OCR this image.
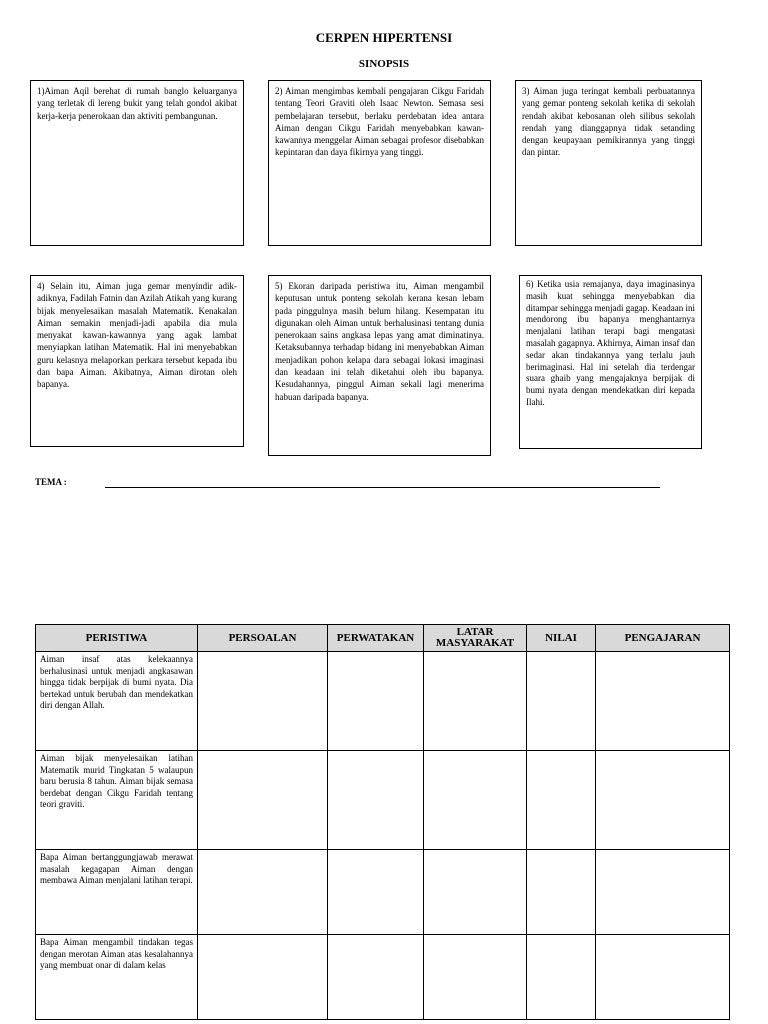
CERPEN HIPERTENSI
SINOPSIS
1)Aiman Aqil berehat di rumah banglo keluarganya yang terletak di lereng bukit yang telah gondol akibat kerja-kerja penerokaan dan aktiviti pembangunan.
2) Aiman mengimbas kembali pengajaran Cikgu Faridah tentang Teori Graviti oleh Isaac Newton. Semasa sesi pembelajaran tersebut, berlaku perdebatan idea antara Aiman dengan Cikgu Faridah menyebabkan kawan-kawannya menggelar Aiman sebagai profesor disebabkan kepintaran dan daya fikirnya yang tinggi.
3) Aiman juga teringat kembali perbuatannya yang gemar ponteng sekolah ketika di sekolah rendah akibat kebosanan oleh silibus sekolah rendah yang dianggapnya tidak setanding dengan keupayaan pemikirannya yang tinggi dan pintar.
4) Selain itu, Aiman juga gemar menyindir adik-adiknya, Fadilah Fatnin dan Azilah Atikah yang kurang bijak menyelesaikan masalah Matematik. Kenakalan Aiman semakin menjadi-jadi apabila dia mula menyakat kawan-kawannya yang agak lambat menyiapkan latihan Matematik. Hal ini menyebabkan guru kelasnya melaporkan perkara tersebut kepada ibu dan bapa Aiman. Akibatnya, Aiman dirotan oleh bapanya.
5) Ekoran daripada peristiwa itu, Aiman mengambil keputusan untuk ponteng sekolah kerana kesan lebam pada pinggulnya masih belum hilang. Kesempatan itu digunakan oleh Aiman untuk berhalusinasi tentang dunia penerokaan sains angkasa lepas yang amat diminatinya. Ketaksubannya terhadap bidang ini menyebabkan Aiman menjadikan pohon kelapa dara sebagai lokasi imaginasi dan keadaan ini telah diketahui oleh ibu bapanya. Kesudahannya, pinggul Aiman sekali lagi menerima habuan daripada bapanya.
6) Ketika usia remajanya, daya imaginasinya masih kuat sehingga menyebabkan dia ditampar sehingga menjadi gagap. Keadaan ini mendorong ibu bapanya menghantarnya menjalani latihan terapi bagi mengatasi masalah gagapnya. Akhirnya, Aiman insaf dan sedar akan tindakannya yang terlalu jauh berimaginasi. Hal ini setelah dia terdengar suara ghaib yang mengajaknya berpijak di bumi nyata dengan mendekatkan diri kepada Ilahi.
TEMA :
PERISTIWA	PERSOALAN	PERWATAKAN	LATAR MASYARAKAT	NILAI	PENGAJARAN
Aiman insaf atas kelekaannya berhalusinasi untuk menjadi angkasawan hingga tidak berpijak di bumi nyata. Dia bertekad untuk berubah dan mendekatkan diri dengan Allah.					
Aiman bijak menyelesaikan latihan Matematik murid Tingkatan 5 walaupun baru berusia 8 tahun. Aiman bijak semasa berdebat dengan Cikgu Faridah tentang teori graviti.					
Bapa Aiman bertanggungjawab merawat masalah kegagapan Aiman dengan membawa Aiman menjalani latihan terapi.					
Bapa Aiman mengambil tindakan tegas dengan merotan Aiman atas kesalahannya yang membuat onar di dalam kelas					
